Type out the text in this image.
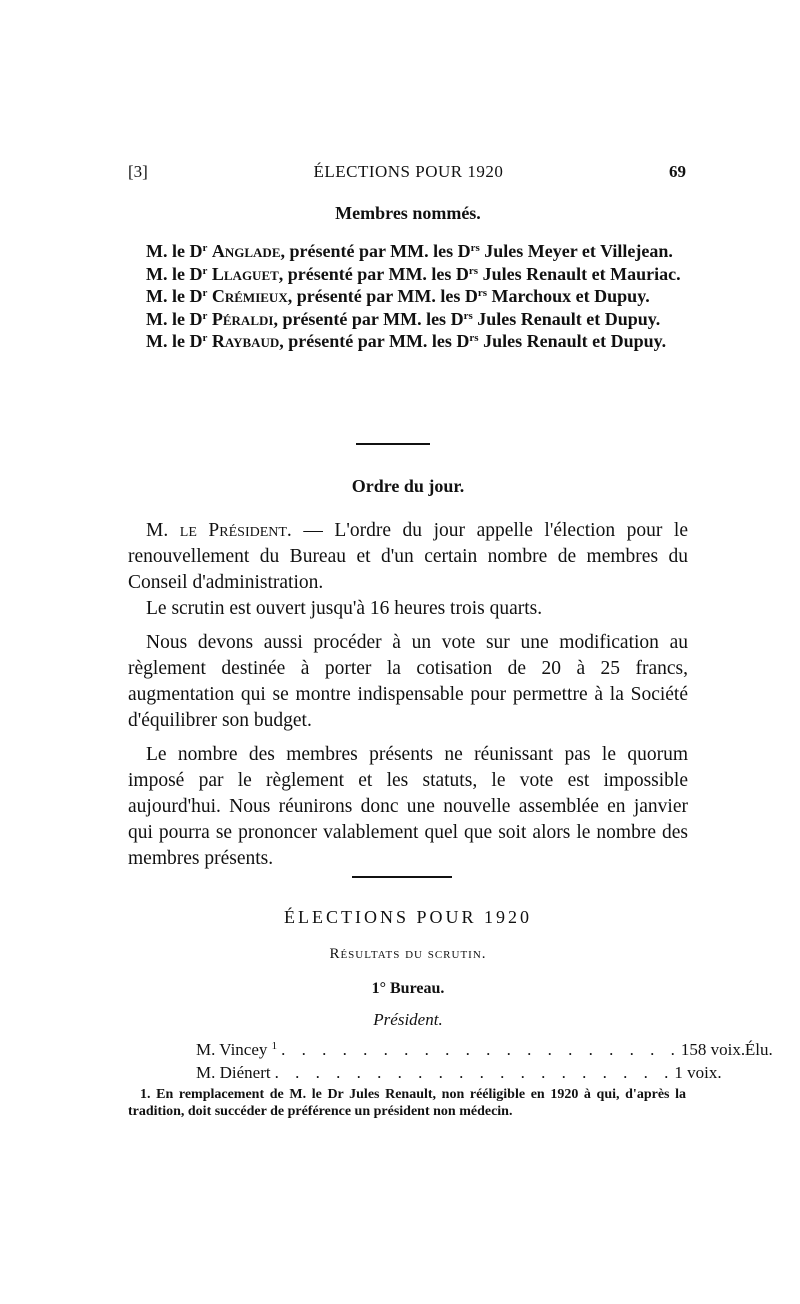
[3]	ÉLECTIONS POUR 1920	69
Membres nommés.

M. le $D^r$ Anglade, présenté par MM. les $D^{rs}$ Jules Meyer et Villejean.

M. le $D^r$ Llaguet, présenté par MM. les $D^{rs}$ Jules Renault et Mauriac.

M. le $D^r$ Crémieux, présenté par MM. les $D^{rs}$ Marchoux et Dupuy.

M. le $D^r$ Péraldi, présenté par MM. les $D^{rs}$ Jules Renault et Dupuy.

M. le $D^r$ Raybaud, présenté par MM. les $D^{rs}$ Jules Renault et Dupuy.

Ordre du jour.

M. le Président. — L'ordre du jour appelle l'élection pour le renouvellement du Bureau et d'un certain nombre de membres du Conseil d'administration.

Le scrutin est ouvert jusqu'à 16 heures trois quarts.

Nous devons aussi procéder à un vote sur une modification au règlement destinée à porter la cotisation de 20 à 25 francs, augmentation qui se montre indispensable pour permettre à la Société d'équilibrer son budget.

Le nombre des membres présents ne réunissant pas le quorum imposé par le règlement et les statuts, le vote est impossible aujourd'hui. Nous réunirons donc une nouvelle assemblée en janvier qui pourra se prononcer valablement quel que soit alors le nombre des membres présents.

ÉLECTIONS POUR 1920
Résultats du scrutin.
1° Bureau.
Président.
M. Vincey $^1$ . . . . . . . . . . . . . . . . . . . . 158 voix. Élu.
M. Diénert . . . . . . . . . . . . . . . . . . . . 1 voix.

1. En remplacement de M. le Dr Jules Renault, non rééligible en 1920 à qui, d'après la tradition, doit succéder de préférence un président non médecin.
